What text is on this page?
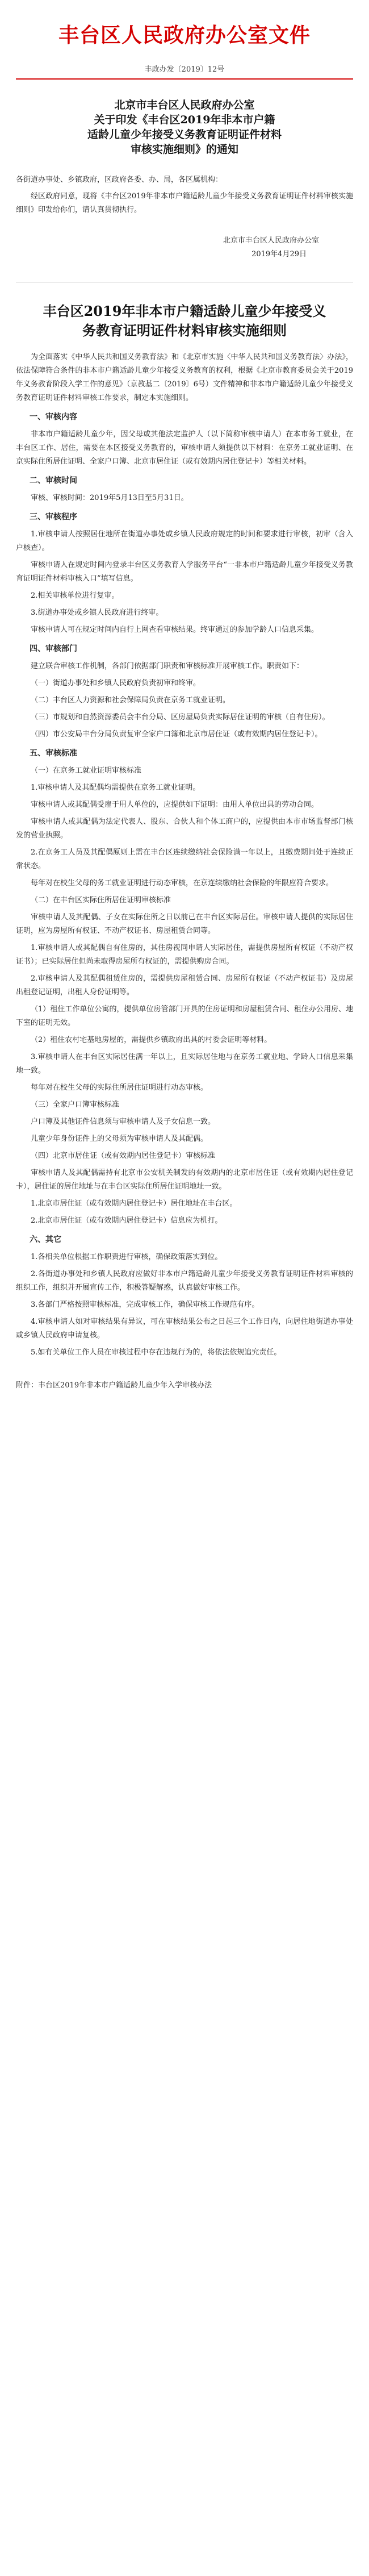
丰台区人民政府办公室文件
丰政办发〔2019〕12号
北京市丰台区人民政府办公室
关于印发《丰台区2019年非本市户籍
适龄儿童少年接受义务教育证明证件材料
审核实施细则》的通知
各街道办事处、乡镇政府，区政府各委、办、局，各区属机构：

经区政府同意，现将《丰台区2019年非本市户籍适龄儿童少年接受义务教育证明证件材料审核实施细则》印发给你们，请认真贯彻执行。

北京市丰台区人民政府办公室
2019年4月29日
丰台区2019年非本市户籍适龄儿童少年接受义
务教育证明证件材料审核实施细则

为全面落实《中华人民共和国义务教育法》和《北京市实施〈中华人民共和国义务教育法〉办法》，依法保障符合条件的非本市户籍适龄儿童少年接受义务教育的权利，根据《北京市教育委员会关于2019年义务教育阶段入学工作的意见》（京教基二〔2019〕6号）文件精神和非本市户籍适龄儿童少年接受义务教育证明证件材料审核工作要求，制定本实施细则。

一、审核内容

非本市户籍适龄儿童少年，因父母或其他法定监护人（以下简称审核申请人）在本市务工就业，在丰台区工作、居住，需要在本区接受义务教育的，审核申请人须提供以下材料：在京务工就业证明、在京实际住所居住证明、全家户口簿、北京市居住证（或有效期内居住登记卡）等相关材料。

二、审核时间

审核、审核时间：2019年5月13日至5月31日。

三、审核程序

1.审核申请人按照居住地所在街道办事处或乡镇人民政府规定的时间和要求进行审核，初审（含入户核查）。

审核申请人在规定时间内登录丰台区义务教育入学服务平台“一非本市户籍适龄儿童少年接受义务教育证明证件材料审核入口”填写信息。

2.相关审核单位进行复审。

3.街道办事处或乡镇人民政府进行终审。

审核申请人可在规定时间内自行上网查看审核结果。终审通过的参加学龄人口信息采集。

四、审核部门

建立联合审核工作机制，各部门依据部门职责和审核标准开展审核工作。职责如下：

（一）街道办事处和乡镇人民政府负责初审和终审。
（二）丰台区人力资源和社会保障局负责在京务工就业证明。
（三）市规划和自然资源委员会丰台分局、区房屋局负责实际居住证明的审核（自有住房）。
（四）市公安局丰台分局负责复审全家户口簿和北京市居住证（或有效期内居住登记卡）。
五、审核标准
（一）在京务工就业证明审核标准

1.审核申请人及其配偶均需提供在京务工就业证明。

审核申请人或其配偶受雇于用人单位的，应提供如下证明：由用人单位出具的劳动合同。

审核申请人或其配偶为法定代表人、股东、合伙人和个体工商户的，应提供由本市市场监督部门核发的营业执照。

2.在京务工人员及其配偶原则上需在丰台区连续缴纳社会保险满一年以上，且缴费期间处于连续正常状态。

每年对在校生父母的务工就业证明进行动态审核，在京连续缴纳社会保险的年限应符合要求。

（二）在丰台区实际住所居住证明审核标准

审核申请人及其配偶、子女在实际住所之日以前已在丰台区实际居住。审核申请人提供的实际居住证明，应为房屋所有权证、不动产权证书、房屋租赁合同等。

1.审核申请人或其配偶自有住房的，其住房视同申请人实际居住，需提供房屋所有权证（不动产权证书）；已实际居住但尚未取得房屋所有权证的，需提供购房合同。

2.审核申请人及其配偶租赁住房的，需提供房屋租赁合同、房屋所有权证（不动产权证书）及房屋出租登记证明，出租人身份证明等。

（1）租住工作单位公寓的，提供单位房管部门开具的住房证明和房屋租赁合同、租住办公用房、地下室的证明无效。

（2）租住农村宅基地房屋的，需提供乡镇政府出具的村委会证明等材料。

3.审核申请人在丰台区实际居住满一年以上，且实际居住地与在京务工就业地、学龄人口信息采集地一致。

每年对在校生父母的实际住所居住证明进行动态审核。

（三）全家户口簿审核标准

户口簿及其他证件信息须与审核申请人及子女信息一致。

儿童少年身份证件上的父母须为审核申请人及其配偶。

（四）北京市居住证（或有效期内居住登记卡）审核标准

审核申请人及其配偶需持有北京市公安机关制发的有效期内的北京市居住证（或有效期内居住登记卡），居住证的居住地址与在丰台区实际住所居住证明地址一致。

1.北京市居住证（或有效期内居住登记卡）居住地址在丰台区。

2.北京市居住证（或有效期内居住登记卡）信息应为机打。

六、其它

1.各相关单位根据工作职责进行审核，确保政策落实到位。

2.各街道办事处和乡镇人民政府应做好非本市户籍适龄儿童少年接受义务教育证明证件材料审核的组织工作，组织并开展宣传工作，积极答疑解惑，认真做好审核工作。

3.各部门严格按照审核标准，完成审核工作，确保审核工作规范有序。

4.审核申请人如对审核结果有异议，可在审核结果公布之日起三个工作日内，向居住地街道办事处或乡镇人民政府申请复核。

5.如有关单位工作人员在审核过程中存在违规行为的，将依法依规追究责任。

附件：丰台区2019年非本市户籍适龄儿童少年入学审核办法
